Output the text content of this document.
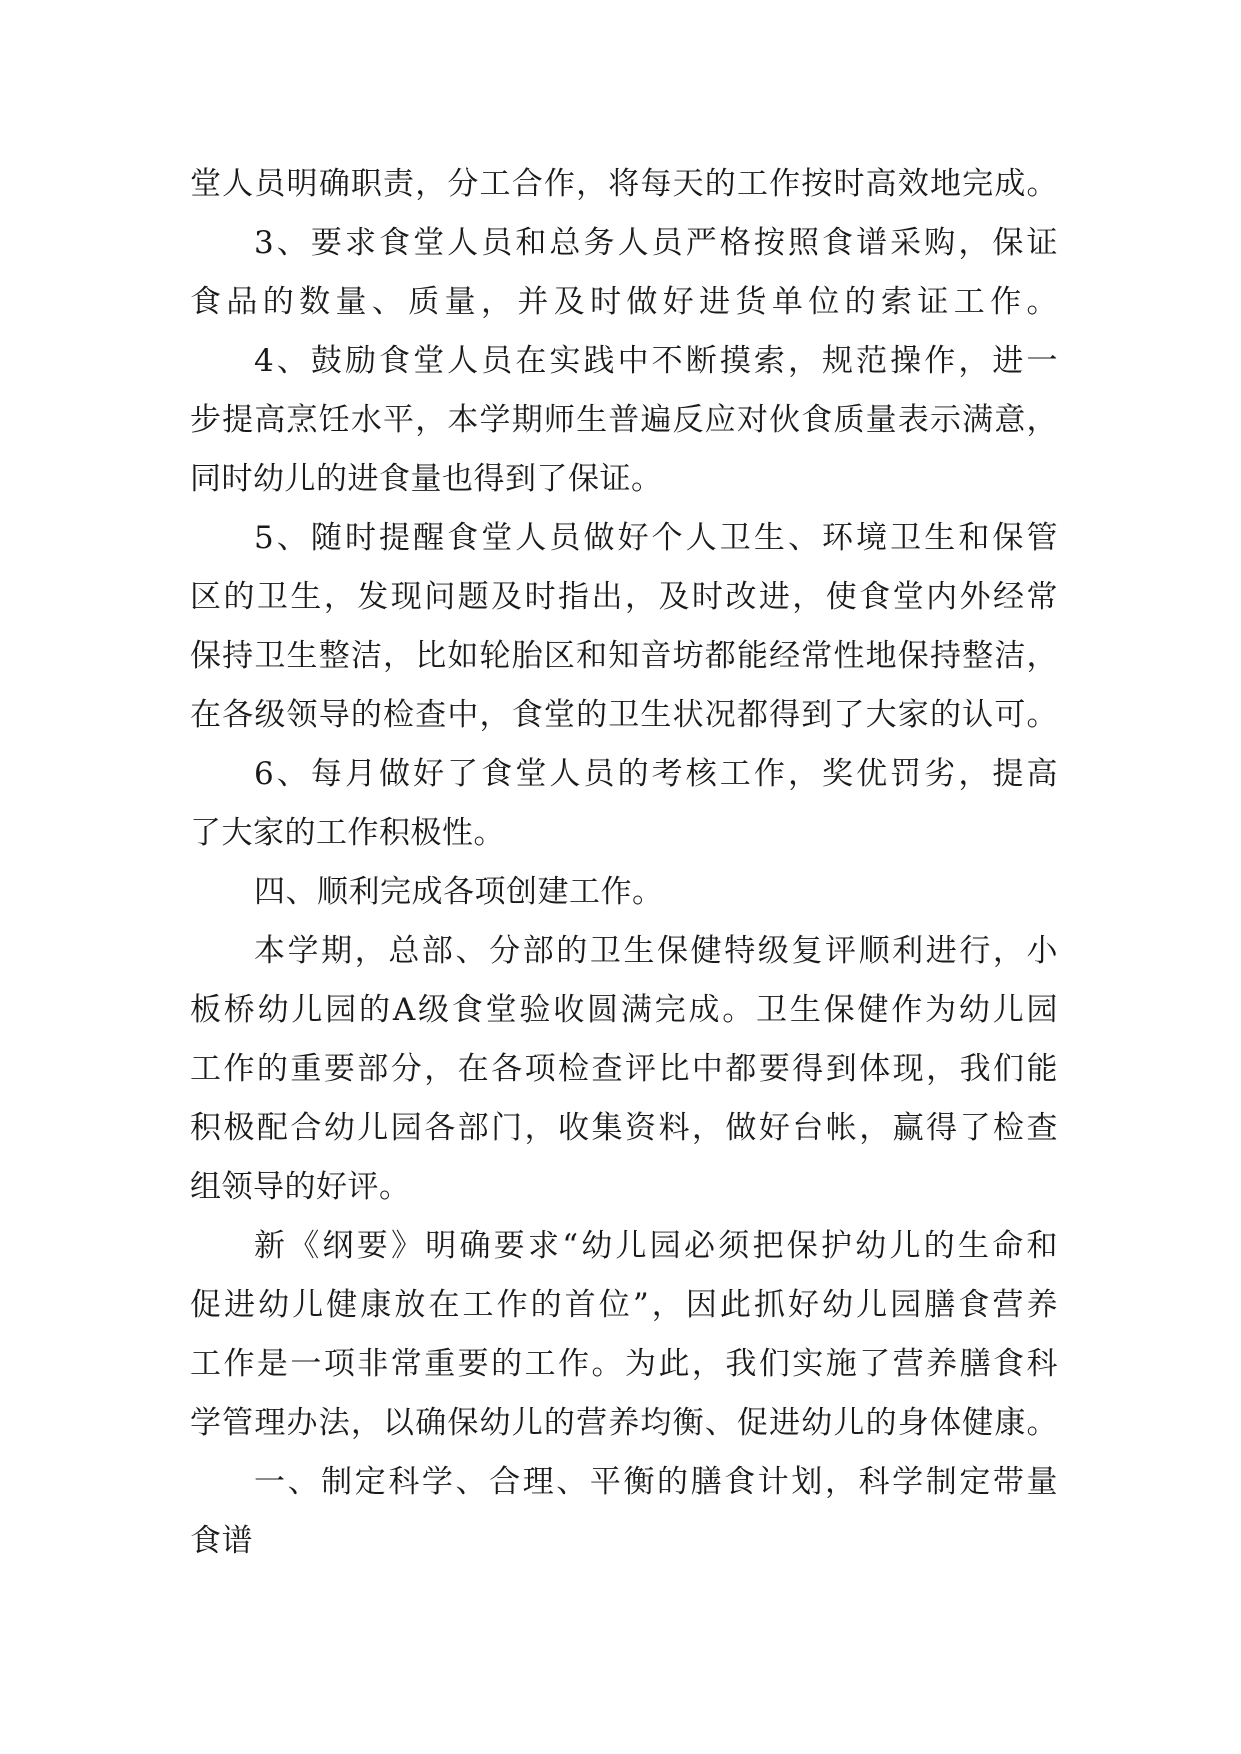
堂人员明确职责，分工合作，将每天的工作按时高效地完成。
3、要求食堂人员和总务人员严格按照食谱采购，保证
食品的数量、质量，并及时做好进货单位的索证工作。
4、鼓励食堂人员在实践中不断摸索，规范操作，进一
步提高烹饪水平，本学期师生普遍反应对伙食质量表示满意，
同时幼儿的进食量也得到了保证。
5、随时提醒食堂人员做好个人卫生、环境卫生和保管
区的卫生，发现问题及时指出，及时改进，使食堂内外经常
保持卫生整洁，比如轮胎区和知音坊都能经常性地保持整洁，
在各级领导的检查中，食堂的卫生状况都得到了大家的认可。
6、每月做好了食堂人员的考核工作，奖优罚劣，提高
了大家的工作积极性。
四、顺利完成各项创建工作。
本学期，总部、分部的卫生保健特级复评顺利进行，小
板桥幼儿园的A级食堂验收圆满完成。卫生保健作为幼儿园
工作的重要部分，在各项检查评比中都要得到体现，我们能
积极配合幼儿园各部门，收集资料，做好台帐，赢得了检查
组领导的好评。
新《纲要》明确要求“幼儿园必须把保护幼儿的生命和
促进幼儿健康放在工作的首位”，因此抓好幼儿园膳食营养
工作是一项非常重要的工作。为此，我们实施了营养膳食科
学管理办法，以确保幼儿的营养均衡、促进幼儿的身体健康。
一、制定科学、合理、平衡的膳食计划，科学制定带量
食谱
